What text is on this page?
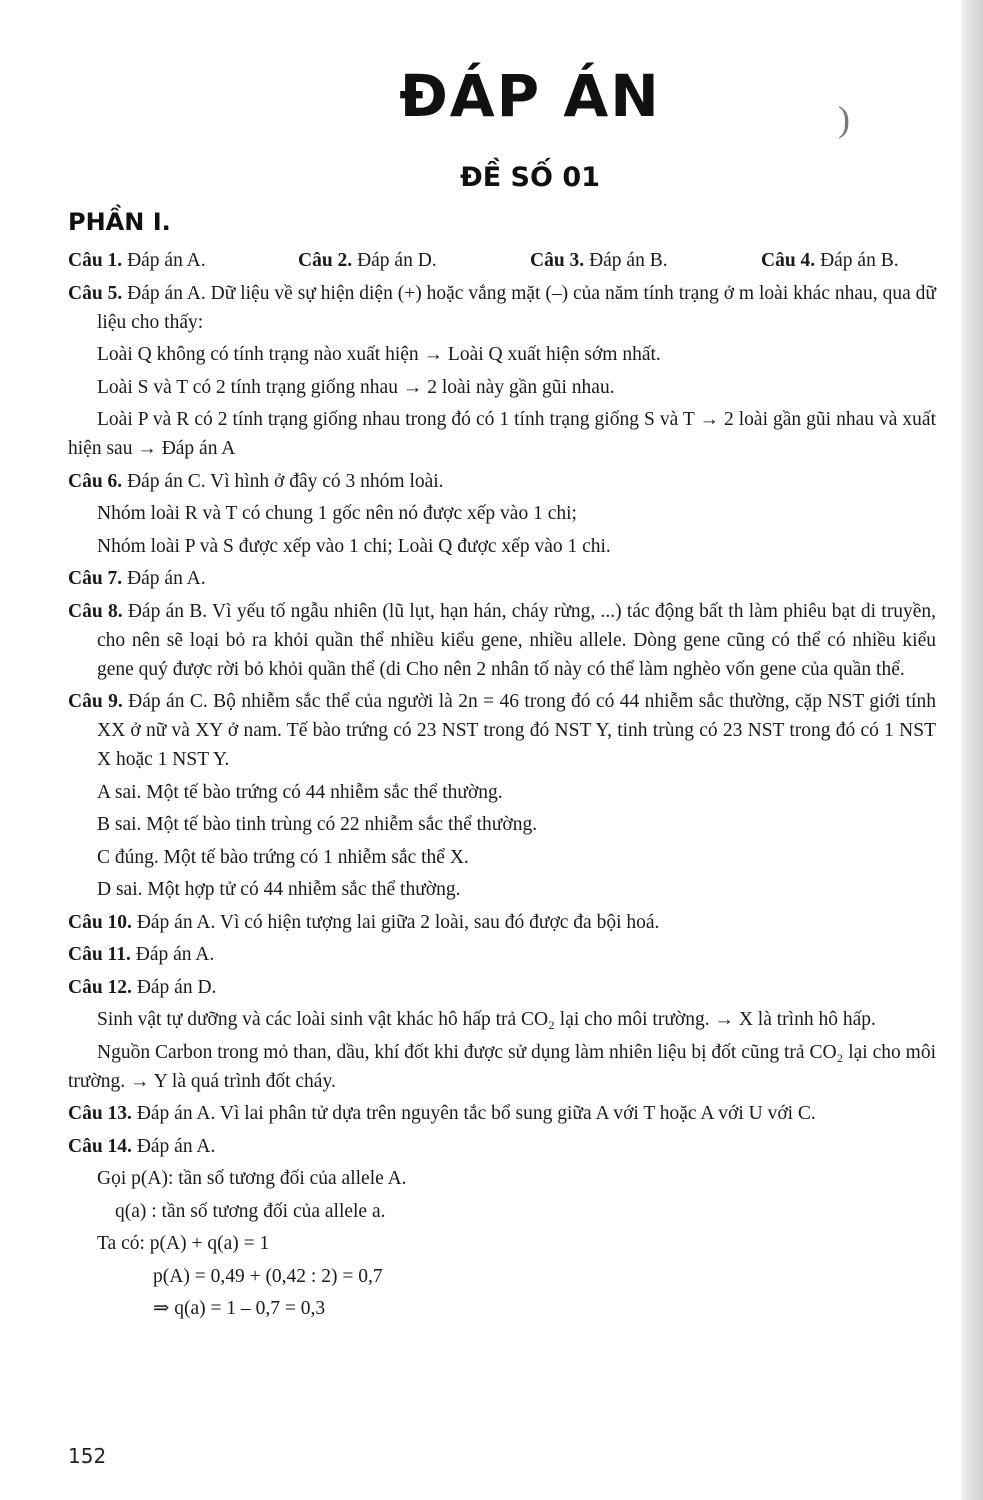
ĐÁP ÁN	)
ĐỀ SỐ 01
PHẦN I.

Câu 1. Đáp án A.	Câu 2. Đáp án D.	Câu 3. Đáp án B.	Câu 4. Đáp án B.

Câu 5. Đáp án A. Dữ liệu về sự hiện diện (+) hoặc vắng mặt (–) của năm tính trạng ở m loài khác nhau, qua dữ liệu cho thấy:

Loài Q không có tính trạng nào xuất hiện → Loài Q xuất hiện sớm nhất.

Loài S và T có 2 tính trạng giống nhau → 2 loài này gần gũi nhau.

Loài P và R có 2 tính trạng giống nhau trong đó có 1 tính trạng giống S và T → 2 loài gần gũi nhau và xuất hiện sau → Đáp án A

Câu 6. Đáp án C. Vì hình ở đây có 3 nhóm loài.

Nhóm loài R và T có chung 1 gốc nên nó được xếp vào 1 chi;

Nhóm loài P và S được xếp vào 1 chi; Loài Q được xếp vào 1 chi.

Câu 7. Đáp án A.

Câu 8. Đáp án B. Vì yếu tố ngẫu nhiên (lũ lụt, hạn hán, cháy rừng, ...) tác động bất th làm phiêu bạt di truyền, cho nên sẽ loại bỏ ra khỏi quần thể nhiều kiểu gene, nhiều allele. Dòng gene cũng có thể có nhiều kiểu gene quý được rời bỏ khỏi quần thể (di Cho nên 2 nhân tố này có thể làm nghèo vốn gene của quần thể.

Câu 9. Đáp án C. Bộ nhiễm sắc thể của người là 2n = 46 trong đó có 44 nhiễm sắc thường, cặp NST giới tính XX ở nữ và XY ở nam. Tế bào trứng có 23 NST trong đó NST Y, tinh trùng có 23 NST trong đó có 1 NST X hoặc 1 NST Y.

A sai. Một tế bào trứng có 44 nhiễm sắc thể thường.

B sai. Một tế bào tinh trùng có 22 nhiễm sắc thể thường.

C đúng. Một tế bào trứng có 1 nhiễm sắc thể X.

D sai. Một hợp tử có 44 nhiễm sắc thể thường.

Câu 10. Đáp án A. Vì có hiện tượng lai giữa 2 loài, sau đó được đa bội hoá.

Câu 11. Đáp án A.

Câu 12. Đáp án D.

Sinh vật tự dưỡng và các loài sinh vật khác hô hấp trả CO₂ lại cho môi trường. → X là trình hô hấp.

Nguồn Carbon trong mỏ than, dầu, khí đốt khi được sử dụng làm nhiên liệu bị đốt cũng trả CO₂ lại cho môi trường. → Y là quá trình đốt cháy.

Câu 13. Đáp án A. Vì lai phân tử dựa trên nguyên tắc bổ sung giữa A với T hoặc A với U với C.

Câu 14. Đáp án A.

Gọi p(A): tần số tương đối của allele A.

q(a) : tần số tương đối của allele a.

Ta có: p(A) + q(a) = 1

p(A) = 0,49 + (0,42 : 2) = 0,7

⇒ q(a) = 1 – 0,7 = 0,3

152
